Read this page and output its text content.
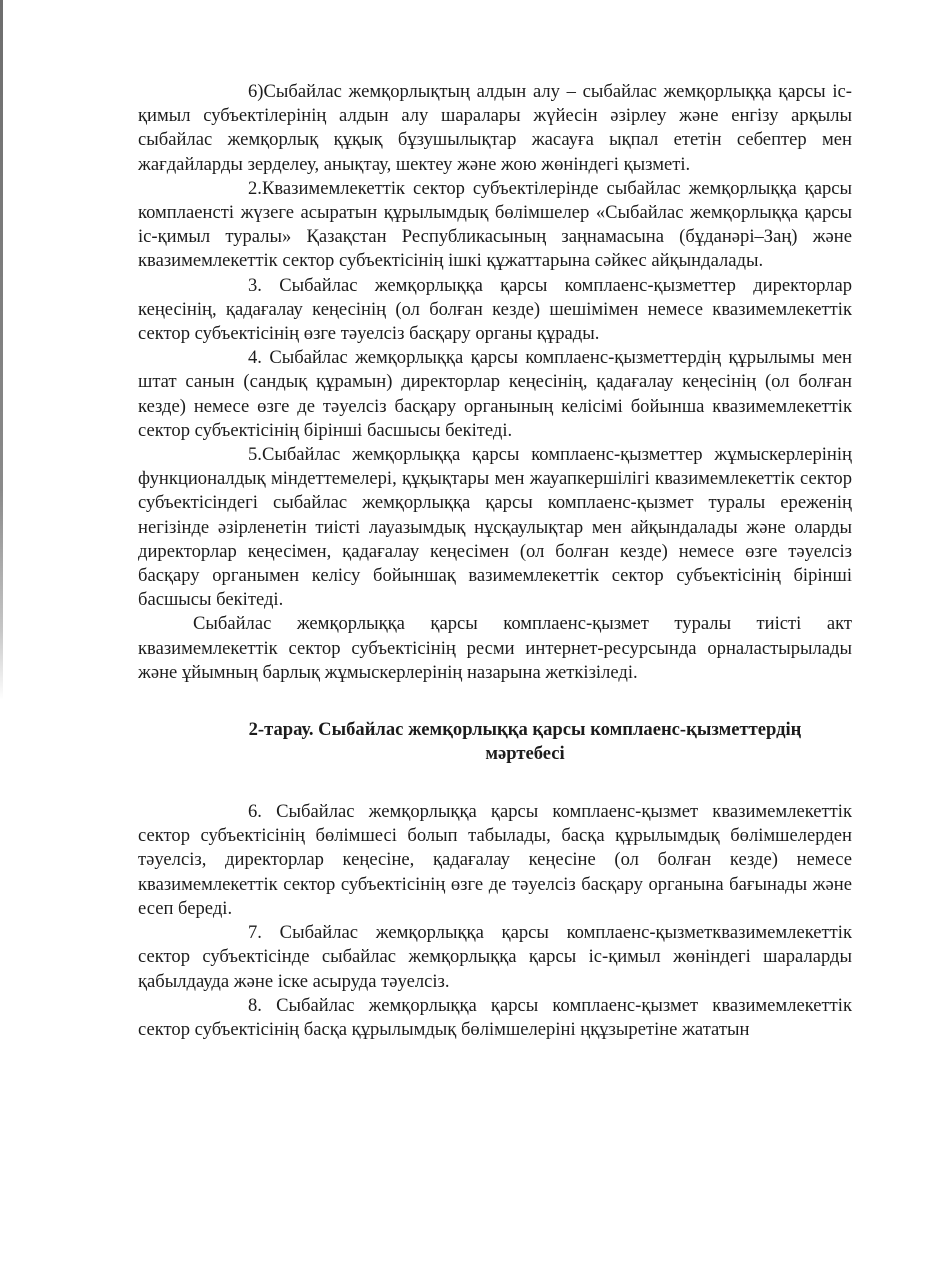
6)Сыбайлас жемқорлықтың алдын алу – сыбайлас жемқорлыққа қарсы іс-қимыл субъектілерінің алдын алу шаралары жүйесін әзірлеу және енгізу арқылы сыбайлас жемқорлық құқық бұзушылықтар жасауға ықпал ететін себептер мен жағдайларды зерделеу, анықтау, шектеу және жою жөніндегі қызметі.

2.Квазимемлекеттік сектор субъектілерінде сыбайлас жемқорлыққа қарсы комплаенсті жүзеге асыратын құрылымдық бөлімшелер «Сыбайлас жемқорлыққа қарсы іс-қимыл туралы» Қазақстан Республикасының заңнамасына (бұданәрі–Заң) және квазимемлекеттік сектор субъектісінің ішкі құжаттарына сәйкес айқындалады.

3. Сыбайлас жемқорлыққа қарсы комплаенс-қызметтер директорлар кеңесінің, қадағалау кеңесінің (ол болған кезде) шешімімен немесе квазимемлекеттік сектор субъектісінің өзге тәуелсіз басқару органы құрады.

4. Сыбайлас жемқорлыққа қарсы комплаенс-қызметтердің құрылымы мен штат санын (сандық құрамын) директорлар кеңесінің, қадағалау кеңесінің (ол болған кезде) немесе өзге де тәуелсіз басқару органының келісімі бойынша квазимемлекеттік сектор субъектісінің бірінші басшысы бекітеді.

5.Сыбайлас жемқорлыққа қарсы комплаенс-қызметтер жұмыскерлерінің функционалдық міндеттемелері, құқықтары мен жауапкершілігі квазимемлекеттік сектор субъектісіндегі сыбайлас жемқорлыққа қарсы комплаенс-қызмет туралы ереженің негізінде әзірленетін тиісті лауазымдық нұсқаулықтар мен айқындалады және оларды директорлар кеңесімен, қадағалау кеңесімен (ол болған кезде) немесе өзге тәуелсіз басқару органымен келісу бойыншақ вазимемлекеттік сектор субъектісінің бірінші басшысы бекітеді.

Сыбайлас жемқорлыққа қарсы комплаенс-қызмет туралы тиісті акт квазимемлекеттік сектор субъектісінің ресми интернет-ресурсында орналастырылады және ұйымның барлық жұмыскерлерінің назарына жеткізіледі.

2-тарау. Сыбайлас жемқорлыққа қарсы комплаенс-қызметтердің
мәртебесі

6. Сыбайлас жемқорлыққа қарсы комплаенс-қызмет квазимемлекеттік сектор субъектісінің бөлімшесі болып табылады, басқа құрылымдық бөлімшелерден тәуелсіз, директорлар кеңесіне, қадағалау кеңесіне (ол болған кезде) немесе квазимемлекеттік сектор субъектісінің өзге де тәуелсіз басқару органына бағынады және есеп береді.

7. Сыбайлас жемқорлыққа қарсы комплаенс-қызметквазимемлекеттік сектор субъектісінде сыбайлас жемқорлыққа қарсы іс-қимыл жөніндегі шараларды қабылдауда және іске асыруда тәуелсіз.

8. Сыбайлас жемқорлыққа қарсы комплаенс-қызмет квазимемлекеттік сектор субъектісінің басқа құрылымдық бөлімшелеріні ңқұзыретіне жататын
